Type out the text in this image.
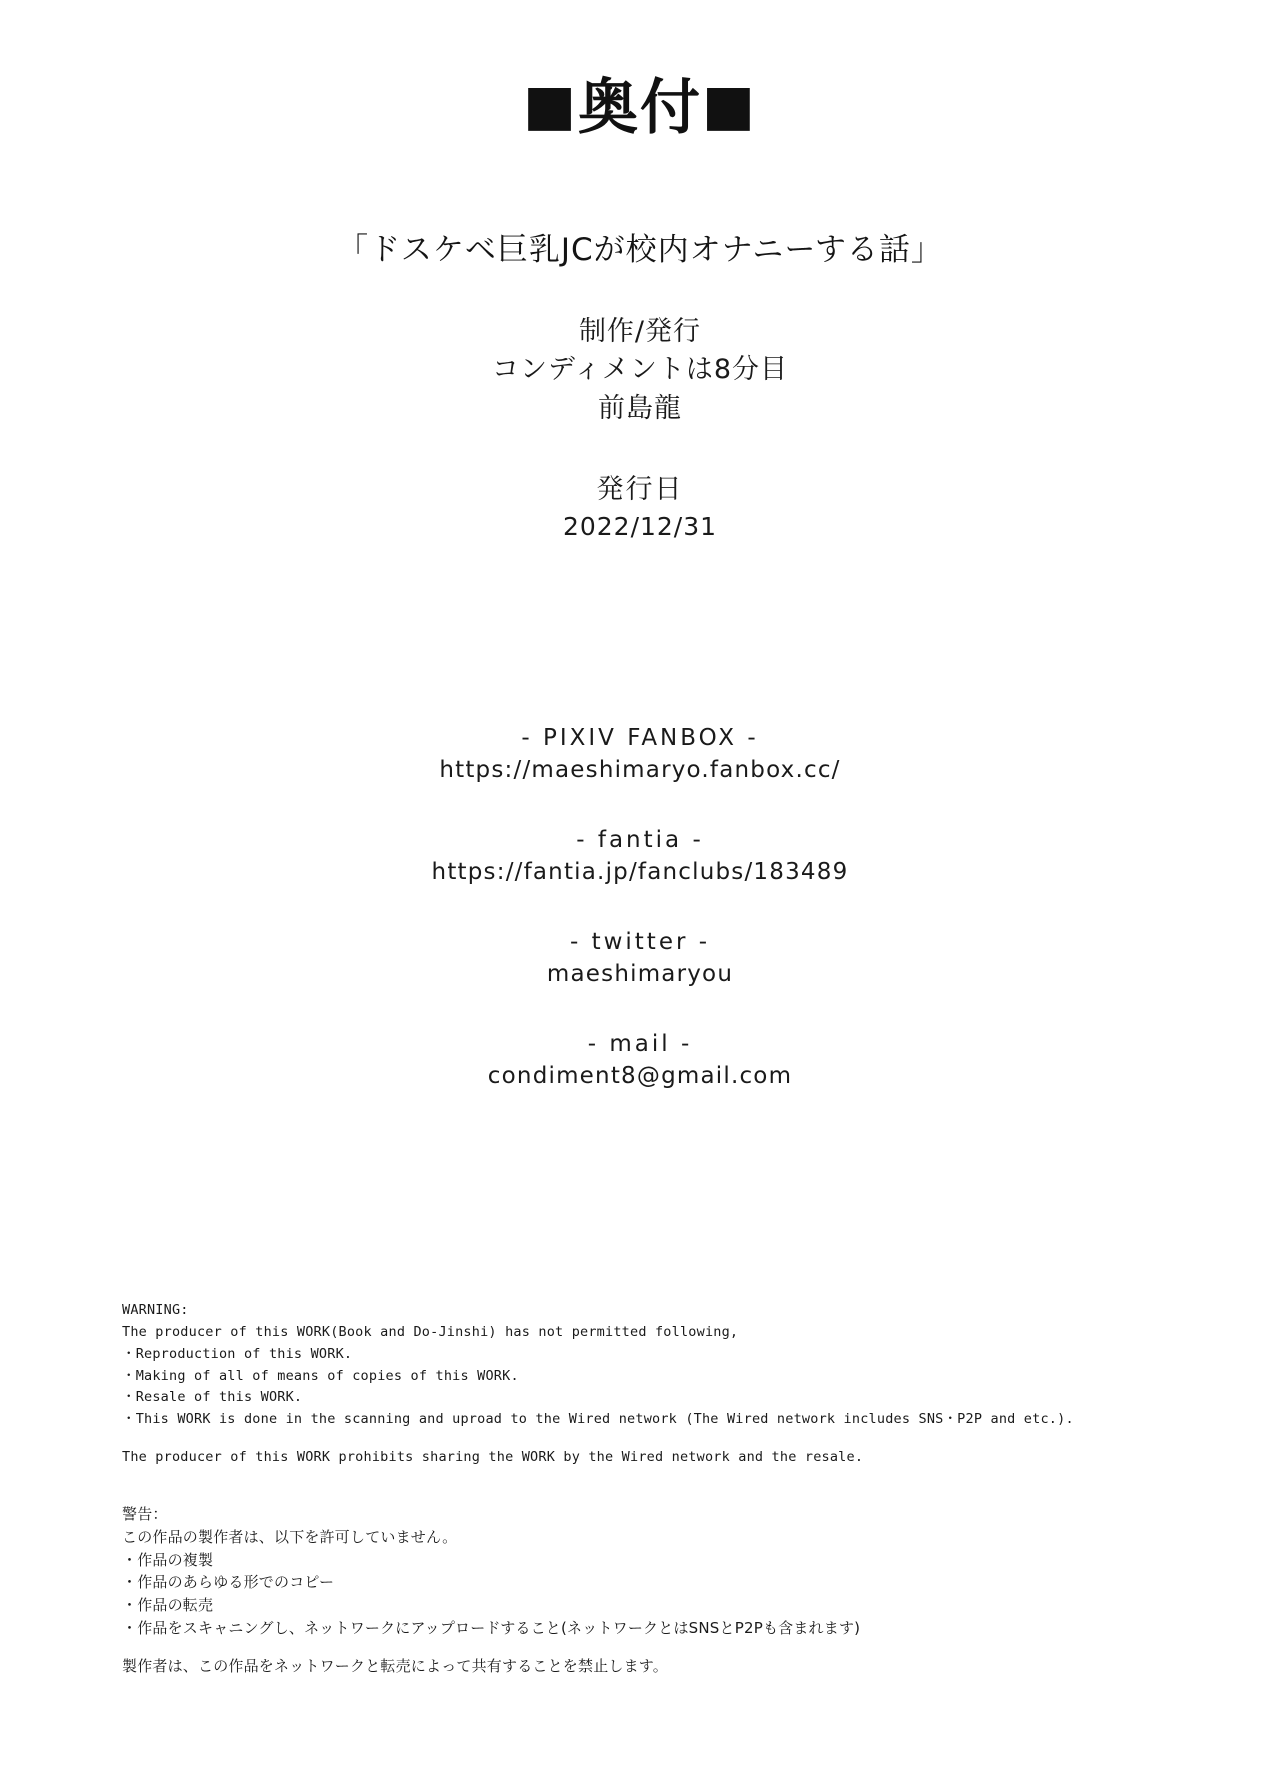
■奥付■
「ドスケベ巨乳JCが校内オナニーする話」
制作/発行
コンディメントは8分目
前島龍
発行日
2022/12/31
- PIXIV FANBOX -
https://maeshimaryo.fanbox.cc/
- fantia -
https://fantia.jp/fanclubs/183489
- twitter -
maeshimaryou
- mail -
condiment8@gmail.com
WARNING:
The producer of this WORK(Book and Do-Jinshi) has not permitted following,
・Reproduction of this WORK.
・Making of all of means of copies of this WORK.
・Resale of this WORK.
・This WORK is done in the scanning and uproad to the Wired network (The Wired network includes SNS・P2P and etc.).
The producer of this WORK prohibits sharing the WORK by the Wired network and the resale.
警告：
この作品の製作者は、以下を許可していません。
・作品の複製
・作品のあらゆる形でのコピー
・作品の転売
・作品をスキャニングし、ネットワークにアップロードすること(ネットワークとはSNSとP2Pも含まれます)
製作者は、この作品をネットワークと転売によって共有することを禁止します。
